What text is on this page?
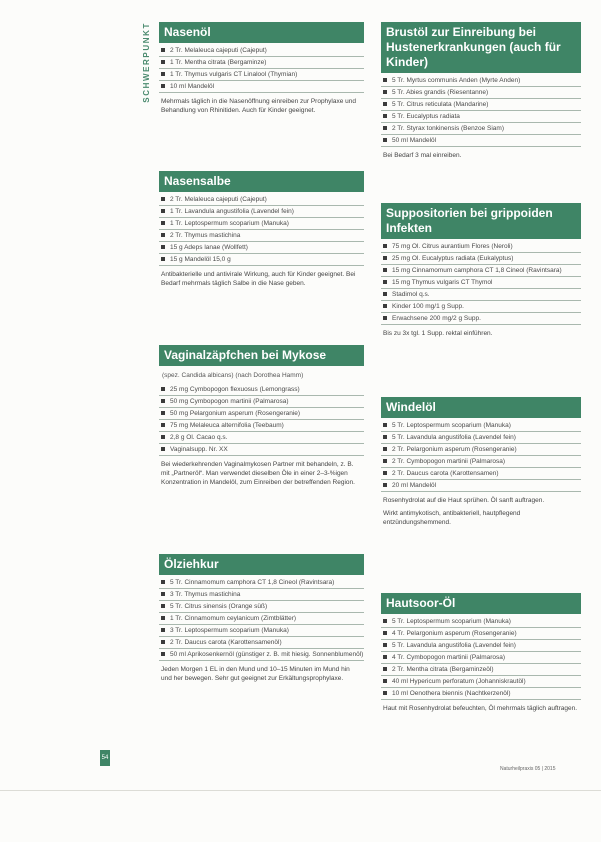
SCHWERPUNKT	Nasenöl
2 Tr. Melaleuca cajeputi (Cajeput)
1 Tr. Mentha citrata (Bergaminze)
1 Tr. Thymus vulgaris CT Linalool (Thymian)
10 ml Mandelöl
Mehrmals täglich in die Nasenöffnung einreiben zur Prophylaxe und Behandlung von Rhinitiden. Auch für Kinder geeignet.
Nasensalbe
2 Tr. Melaleuca cajeputi (Cajeput)
1 Tr. Lavandula angustifolia (Lavendel fein)
1 Tr. Leptospermum scoparium (Manuka)
2 Tr. Thymus mastichina
15 g Adeps lanae (Wollfett)
15 g Mandelöl 15,0 g
Antibakterielle und antivirale Wirkung, auch für Kinder geeignet. Bei Bedarf mehrmals täglich Salbe in die Nase geben.
Vaginalzäpfchen bei Mykose
(spez. Candida albicans) (nach Dorothea Hamm)
25 mg Cymbopogon flexuosus (Lemongrass)
50 mg Cymbopogon martinii (Palmarosa)
50 mg Pelargonium asperum (Rosengeranie)
75 mg Melaleuca alternifolia (Teebaum)
2,8 g Ol. Cacao q.s.
Vaginalsupp. Nr. XX
Bei wiederkehrenden Vaginalmykosen Partner mit behandeln, z. B. mit „Partneröl“. Man verwendet dieselben Öle in einer 2–3-%igen Konzentration in Mandelöl, zum Einreiben der betreffenden Region.
Ölziehkur
5 Tr. Cinnamomum camphora CT 1,8 Cineol (Ravintsara)
3 Tr. Thymus mastichina
5 Tr. Citrus sinensis (Orange süß)
1 Tr. Cinnamomum ceylanicum (Zimtblätter)
3 Tr. Leptospermum scoparium (Manuka)
2 Tr. Daucus carota (Karottensamenöl)
50 ml Aprikosenkernöl (günstiger z. B. mit hiesig. Sonnenblumenöl)
Jeden Morgen 1 EL in den Mund und 10–15 Minuten im Mund hin und her bewegen. Sehr gut geeignet zur Erkältungsprophylaxe.
Brustöl zur Einreibung bei Hustenerkrankungen (auch für Kinder)
5 Tr. Myrtus communis Anden (Myrte Anden)
5 Tr. Abies grandis (Riesentanne)
5 Tr. Citrus reticulata (Mandarine)
5 Tr. Eucalyptus radiata
2 Tr. Styrax tonkinensis (Benzoe Siam)
50 ml Mandelöl
Bei Bedarf 3 mal einreiben.
Suppositorien bei grippoiden Infekten
75 mg Ol. Citrus aurantium Flores (Neroli)
25 mg Ol. Eucalyptus radiata (Eukalyptus)
15 mg Cinnamomum camphora CT 1,8 Cineol (Ravintsara)
15 mg Thymus vulgaris CT Thymol
Stadimol q.s.
Kinder 100 mg/1 g Supp.
Erwachsene 200 mg/2 g Supp.
Bis zu 3x tgl. 1 Supp. rektal einführen.
Windelöl
5 Tr. Leptospermum scoparium (Manuka)
5 Tr. Lavandula angustifolia (Lavendel fein)
2 Tr. Pelargonium asperum (Rosengeranie)
2 Tr. Cymbopogon martinii (Palmarosa)
2 Tr. Daucus carota (Karottensamen)
20 ml Mandelöl
Rosenhydrolat auf die Haut sprühen. Öl sanft auftragen.
Wirkt antimykotisch, antibakteriell, hautpflegend entzündungshemmend.
Hautsoor-Öl
5 Tr. Leptospermum scoparium (Manuka)
4 Tr. Pelargonium asperum (Rosengeranie)
5 Tr. Lavandula angustifolia (Lavendel fein)
4 Tr. Cymbopogon martinii (Palmarosa)
2 Tr. Mentha citrata (Bergaminzeöl)
40 ml Hypericum perforatum (Johanniskrautöl)
10 ml Oenothera biennis (Nachtkerzenöl)
Haut mit Rosenhydrolat befeuchten, Öl mehrmals täglich auftragen.
54
Naturheilpraxis 05 | 2015
